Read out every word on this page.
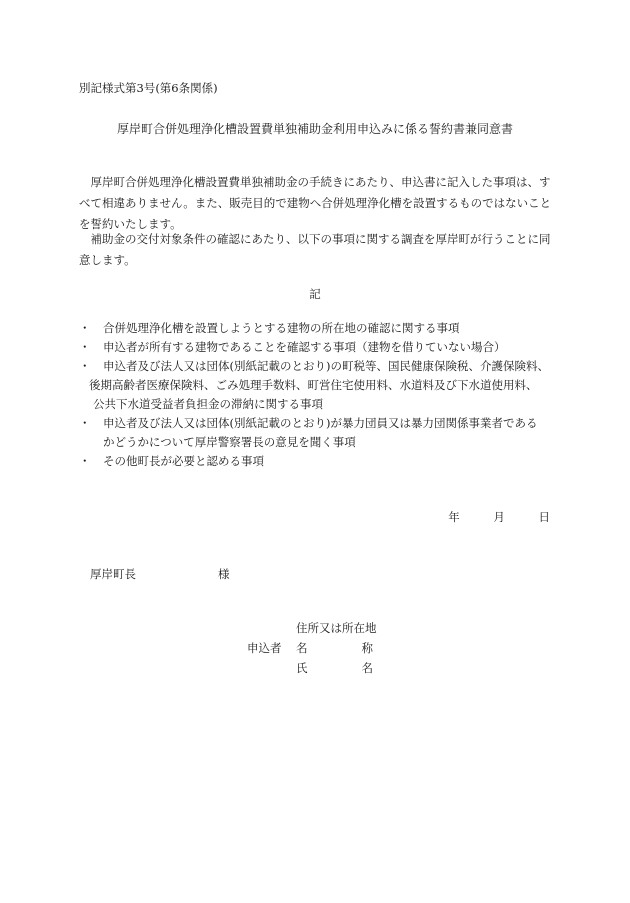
別記様式第3号(第6条関係)
厚岸町合併処理浄化槽設置費単独補助金利用申込みに係る誓約書兼同意書
　厚岸町合併処理浄化槽設置費単独補助金の手続きにあたり、申込書に記入した事項は、すべて相違ありません。また、販売目的で建物へ合併処理浄化槽を設置するものではないことを誓約いたします。
　補助金の交付対象条件の確認にあたり、以下の事項に関する調査を厚岸町が行うことに同意します。
記
・ 合併処理浄化槽を設置しようとする建物の所在地の確認に関する事項
・ 申込者が所有する建物であることを確認する事項（建物を借りていない場合）
・ 申込者及び法人又は団体(別紙記載のとおり)の町税等、国民健康保険税、介護保険料、
後期高齢者医療保険料、ごみ処理手数料、町営住宅使用料、水道料及び下水道使用料、
公共下水道受益者負担金の滞納に関する事項
・ 申込者及び法人又は団体(別紙記載のとおり)が暴力団員又は暴力団関係事業者である
かどうかについて厚岸警察署長の意見を聞く事項
・ その他町長が必要と認める事項
年	月	日
厚岸町長	様
住所又は所在地
申込者 名	称
氏	名
